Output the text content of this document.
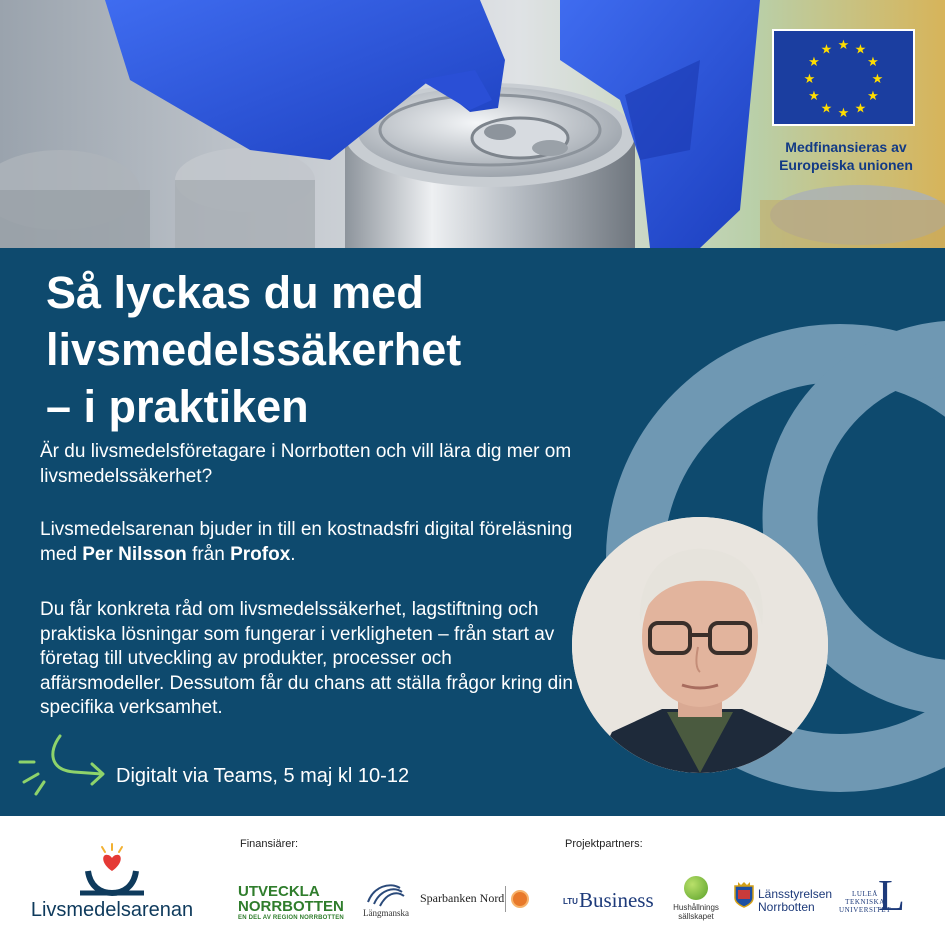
★ ★
★
★
★
★
★
★
★
★
★
★
Medfinansieras av
Europeiska unionen
Så lyckas du med
livsmedelssäkerhet
– i praktiken

Är du livsmedelsföretagare i Norrbotten och vill lära dig mer om livsmedelssäkerhet?

Livsmedelsarenan bjuder in till en kostnadsfri digital föreläsning med Per Nilsson från Profox.

Du får konkreta råd om livsmedelssäkerhet, lagstiftning och praktiska lösningar som fungerar i verkligheten – från start av företag till utveckling av produkter, processer och affärsmodeller. Dessutom får du chans att ställa frågor kring din specifika verksamhet.

Digitalt via Teams, 5 maj kl 10-12
Livsmedelsarenan
Finansiärer:	Projektpartners:
UTVECKLA
NORRBOTTEN
EN DEL AV REGION NORRBOTTEN	Längmanska
Sparbanken Nord	LTUBusiness Hushållnings
sällskapet
Länsstyrelsen
Norrbotten	L
LULEÅ
TEKNISKA
UNIVERSITET
